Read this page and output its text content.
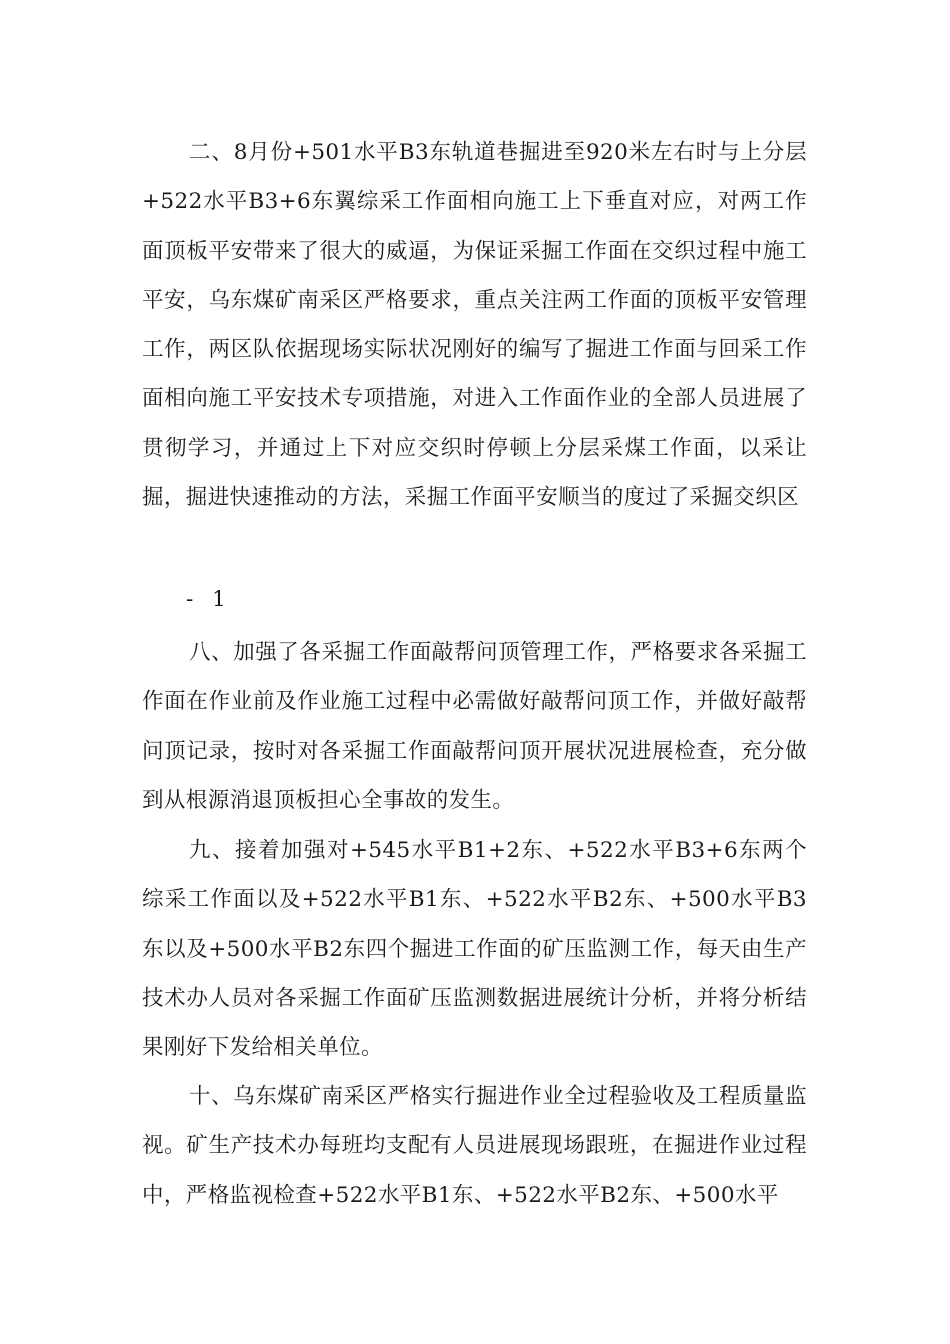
二、8月份+501水平B3东轨道巷掘进至920米左右时与上分层+522水平B3+6东翼综采工作面相向施工上下垂直对应，对两工作面顶板平安带来了很大的威逼，为保证采掘工作面在交织过程中施工平安，乌东煤矿南采区严格要求，重点关注两工作面的顶板平安管理工作，两区队依据现场实际状况刚好的编写了掘进工作面与回采工作面相向施工平安技术专项措施，对进入工作面作业的全部人员进展了贯彻学习，并通过上下对应交织时停顿上分层采煤工作面，以采让掘，掘进快速推动的方法，采掘工作面平安顺当的度过了采掘交织区

- 1

八、加强了各采掘工作面敲帮问顶管理工作，严格要求各采掘工作面在作业前及作业施工过程中必需做好敲帮问顶工作，并做好敲帮问顶记录，按时对各采掘工作面敲帮问顶开展状况进展检查，充分做到从根源消退顶板担心全事故的发生。

九、接着加强对+545水平B1+2东、+522水平B3+6东两个综采工作面以及+522水平B1东、+522水平B2东、+500水平B3东以及+500水平B2东四个掘进工作面的矿压监测工作，每天由生产技术办人员对各采掘工作面矿压监测数据进展统计分析，并将分析结果刚好下发给相关单位。

十、乌东煤矿南采区严格实行掘进作业全过程验收及工程质量监视。矿生产技术办每班均支配有人员进展现场跟班，在掘进作业过程中，严格监视检查+522水平B1东、+522水平B2东、+500水平
